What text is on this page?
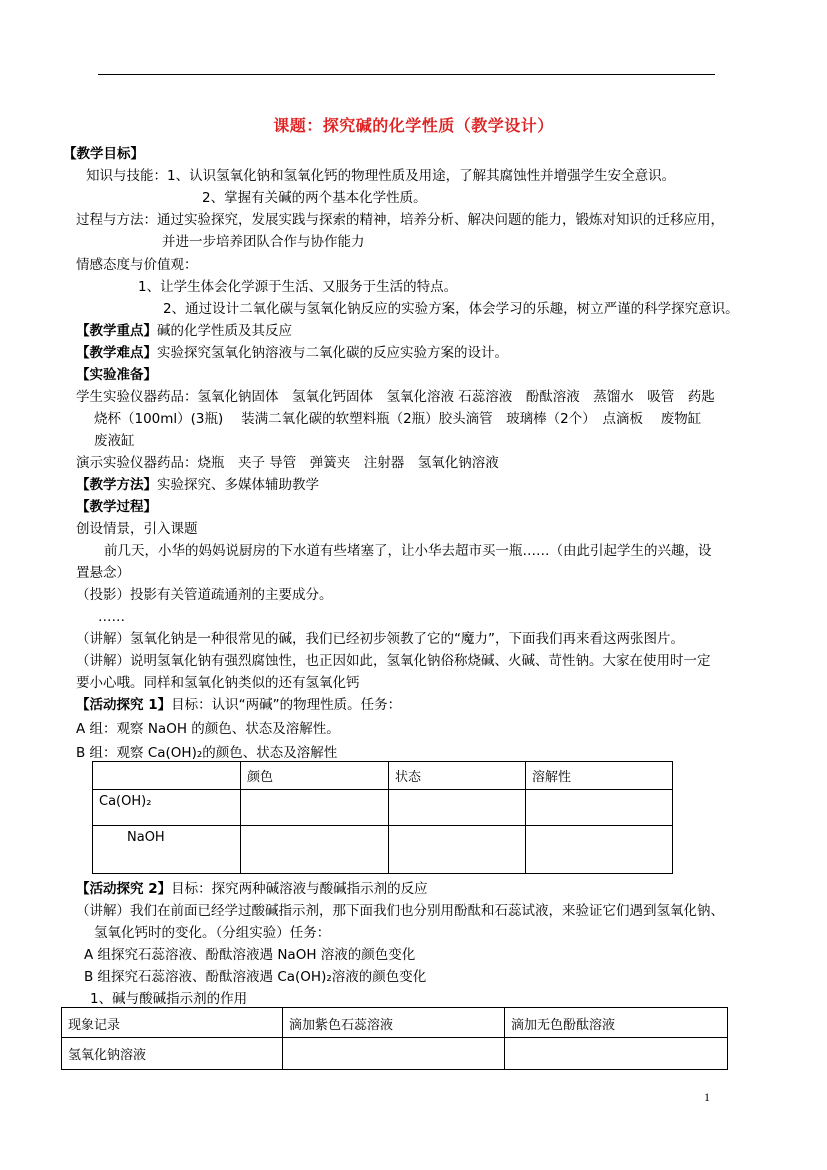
课题：探究碱的化学性质（教学设计）
【教学目标】
知识与技能：1、认识氢氧化钠和氢氧化钙的物理性质及用途，了解其腐蚀性并增强学生安全意识。
2、掌握有关碱的两个基本化学性质。
过程与方法：通过实验探究，发展实践与探索的精神，培养分析、解决问题的能力，锻炼对知识的迁移应用，
并进一步培养团队合作与协作能力
情感态度与价值观：
1、让学生体会化学源于生活、又服务于生活的特点。
2、通过设计二氧化碳与氢氧化钠反应的实验方案，体会学习的乐趣，树立严谨的科学探究意识。
【教学重点】碱的化学性质及其反应
【教学难点】实验探究氢氧化钠溶液与二氧化碳的反应实验方案的设计。
【实验准备】
学生实验仪器药品：氢氧化钠固体　氢氧化钙固体　氢氧化溶液 石蕊溶液　酚酞溶液　蒸馏水　吸管　药匙
烧杯（100ml）(3瓶)　 装满二氧化碳的软塑料瓶（2瓶）胶头滴管　玻璃棒（2个）　点滴板　 废物缸
废液缸
演示实验仪器药品：烧瓶　夹子 导管　弹簧夹　注射器　氢氧化钠溶液
【教学方法】实验探究、多媒体辅助教学
【教学过程】
创设情景，引入课题
前几天，小华的妈妈说厨房的下水道有些堵塞了，让小华去超市买一瓶……（由此引起学生的兴趣，设
置悬念）
（投影）投影有关管道疏通剂的主要成分。
……
（讲解）氢氧化钠是一种很常见的碱，我们已经初步领教了它的“魔力”，下面我们再来看这两张图片。
（讲解）说明氢氧化钠有强烈腐蚀性，也正因如此，氢氧化钠俗称烧碱、火碱、苛性钠。大家在使用时一定
要小心哦。同样和氢氧化钠类似的还有氢氧化钙
【活动探究 1】目标：认识“两碱”的物理性质。任务：
A 组：观察 NaOH 的颜色、状态及溶解性。
B 组：观察 Ca(OH)₂的颜色、状态及溶解性
【活动探究 2】目标：探究两种碱溶液与酸碱指示剂的反应
（讲解）我们在前面已经学过酸碱指示剂，那下面我们也分别用酚酞和石蕊试液，来验证它们遇到氢氧化钠、
氢氧化钙时的变化。（分组实验）任务：
A 组探究石蕊溶液、酚酞溶液遇 NaOH 溶液的颜色变化
B 组探究石蕊溶液、酚酞溶液遇 Ca(OH)₂溶液的颜色变化
1、碱与酸碱指示剂的作用
	颜色	状态	溶解性
Ca(OH)₂			
NaOH			
现象记录	滴加紫色石蕊溶液	滴加无色酚酞溶液
氢氧化钠溶液		
1
